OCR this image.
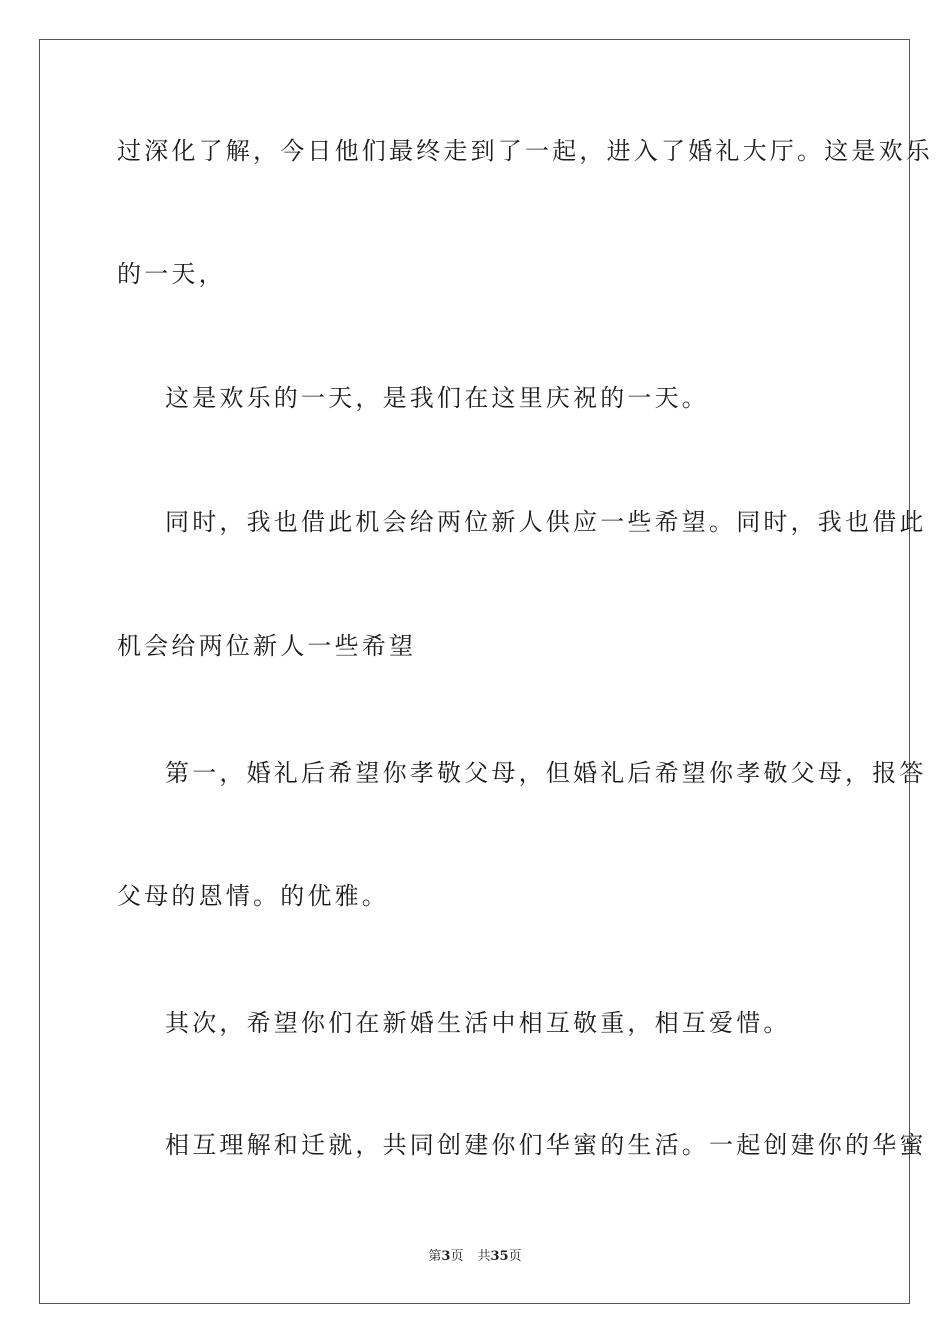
过深化了解，今日他们最终走到了一起，进入了婚礼大厅。这是欢乐
的一天，
这是欢乐的一天，是我们在这里庆祝的一天。
同时，我也借此机会给两位新人供应一些希望。同时，我也借此
机会给两位新人一些希望
第一，婚礼后希望你孝敬父母，但婚礼后希望你孝敬父母，报答
父母的恩情。的优雅。
其次，希望你们在新婚生活中相互敬重，相互爱惜。
相互理解和迁就，共同创建你们华蜜的生活。一起创建你的华蜜
第3页 共35页
